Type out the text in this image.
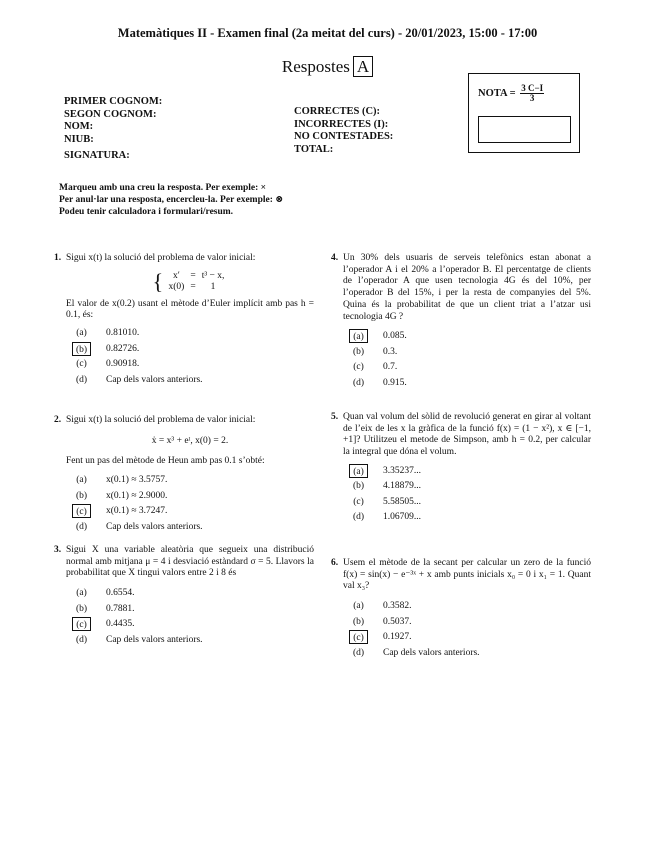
Matemàtiques II - Examen final (2a meitat del curs) - 20/01/2023, 15:00 - 17:00
Respostes A
PRIMER COGNOM:
SEGON COGNOM:
NOM:
NIUB:
SIGNATURA:
CORRECTES (C):
INCORRECTES (I):
NO CONTESTADES:
TOTAL:
NOTA = $\frac{3 C-I}{3}$
Marqueu amb una creu la resposta. Per exemple: ×
Per anul·lar una resposta, encercleu-la. Per exemple: ⊗
Podeu tenir calculadora i formulari/resum.
1. Sigui x(t) la solució del problema de valor inicial:
{ x′	=	t³ − x,
x(0)	=	1
El valor de x(0.2) usant el mètode d’Euler implícit amb pas h = 0.1, és:
(a)	0.81010.
(b)	0.82726.
(c)	0.90918.
(d)	Cap dels valors anteriors.
2. Sigui x(t) la solució del problema de valor inicial:
ẋ = x³ + eᵗ, x(0) = 2.
Fent un pas del mètode de Heun amb pas 0.1 s’obté:
(a)	x(0.1) ≈ 3.5757.
(b)	x(0.1) ≈ 2.9000.
(c)	x(0.1) ≈ 3.7247.
(d)	Cap dels valors anteriors.
3. Sigui X una variable aleatòria que segueix una distribució normal amb mitjana μ = 4 i desviació estàndard σ = 5. Llavors la probabilitat que X tingui valors entre 2 i 8 és
(a)	0.6554.
(b)	0.7881.
(c)	0.4435.
(d)	Cap dels valors anteriors.
4. Un 30% dels usuaris de serveis telefònics estan abonat a l’operador A i el 20% a l’operador B. El percentatge de clients de l’operador A que usen tecnologia 4G és del 10%, per l’operador B del 15%, i per la resta de companyies del 5%. Quina és la probabilitat de que un client triat a l’atzar usi tecnologia 4G ?
(a)	0.085.
(b)	0.3.
(c)	0.7.
(d)	0.915.
5. Quan val volum del sòlid de revolució generat en girar al voltant de l’eix de les x la gràfica de la funció f(x) = (1 − x²), x ∈ [−1, +1]? Utilitzeu el metode de Simpson, amb h = 0.2, per calcular la integral que dóna el volum.
(a)	3.35237...
(b)	4.18879...
(c)	5.58505...
(d)	1.06709...
6. Usem el mètode de la secant per calcular un zero de la funció f(x) = sin(x) − e⁻³ˣ + x amb punts inicials x₀ = 0 i x₁ = 1. Quant val x₃?
(a)	0.3582.
(b)	0.5037.
(c)	0.1927.
(d)	Cap dels valors anteriors.
